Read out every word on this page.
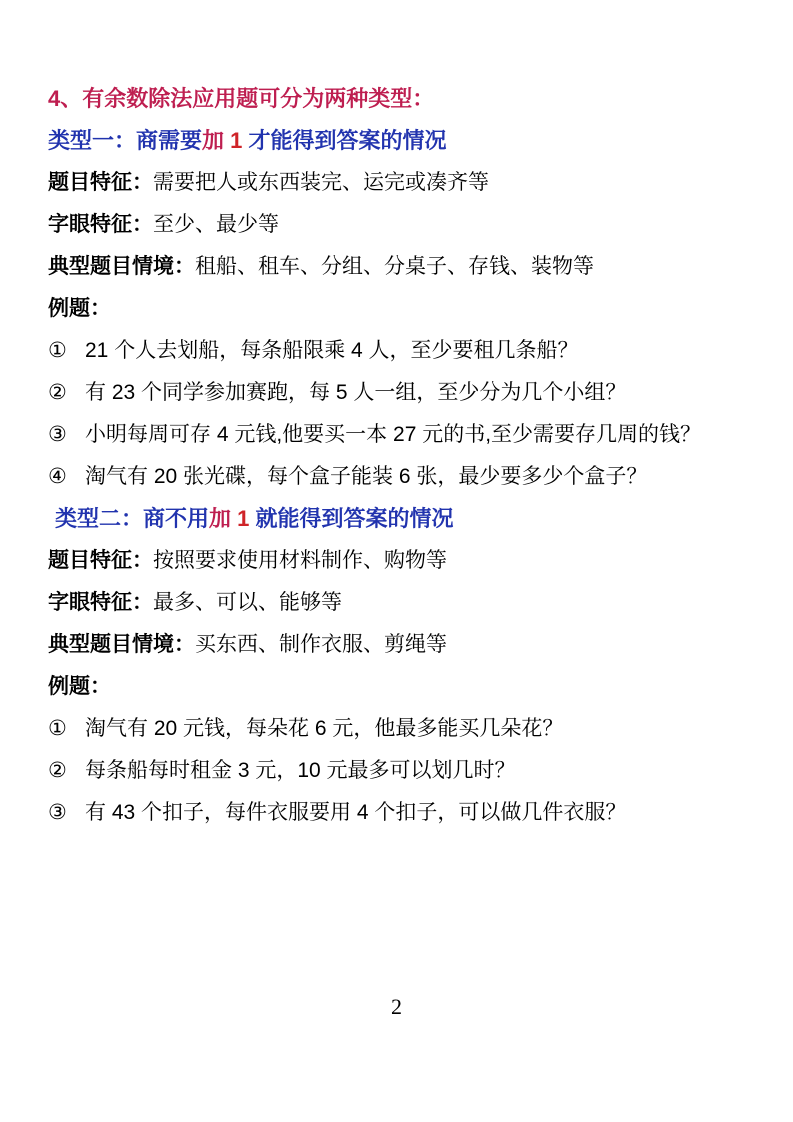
4、有余数除法应用题可分为两种类型：

类型一：商需要加 1 才能得到答案的情况

题目特征：需要把人或东西装完、运完或凑齐等

字眼特征：至少、最少等

典型题目情境：租船、租车、分组、分桌子、存钱、装物等

例题：

① 21 个人去划船，每条船限乘 4 人，至少要租几条船？

② 有 23 个同学参加赛跑，每 5 人一组，至少分为几个小组？

③ 小明每周可存 4 元钱,他要买一本 27 元的书,至少需要存几周的钱？

④ 淘气有 20 张光碟，每个盒子能装 6 张，最少要多少个盒子？

类型二：商不用加 1 就能得到答案的情况

题目特征：按照要求使用材料制作、购物等

字眼特征：最多、可以、能够等

典型题目情境：买东西、制作衣服、剪绳等

例题：

① 淘气有 20 元钱，每朵花 6 元，他最多能买几朵花？

② 每条船每时租金 3 元，10 元最多可以划几时？

③ 有 43 个扣子，每件衣服要用 4 个扣子，可以做几件衣服？

2
